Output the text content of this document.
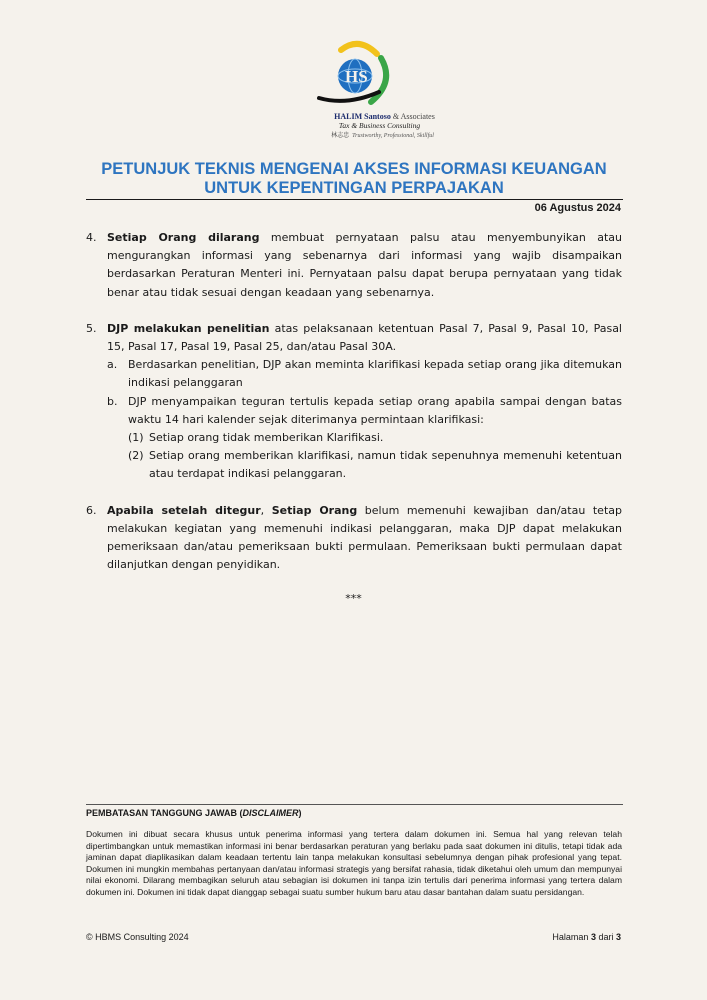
HS
HALIM Santoso & Associates
Tax & Business Consulting
林志忠 Trustworthy, Professional, Skillful
PETUNJUK TEKNIS MENGENAI AKSES INFORMASI KEUANGAN
UNTUK KEPENTINGAN PERPAJAKAN
06 Agustus 2024
4. Setiap Orang dilarang membuat pernyataan palsu atau menyembunyikan atau mengurangkan informasi yang sebenarnya dari informasi yang wajib disampaikan berdasarkan Peraturan Menteri ini. Pernyataan palsu dapat berupa pernyataan yang tidak benar atau tidak sesuai dengan keadaan yang sebenarnya.

5. DJP melakukan penelitian atas pelaksanaan ketentuan Pasal 7, Pasal 9, Pasal 10, Pasal 15, Pasal 17, Pasal 19, Pasal 25, dan/atau Pasal 30A.

a. Berdasarkan penelitian, DJP akan meminta klarifikasi kepada setiap orang jika ditemukan indikasi pelanggaran

b. DJP menyampaikan teguran tertulis kepada setiap orang apabila sampai dengan batas waktu 14 hari kalender sejak diterimanya permintaan klarifikasi:

(1) Setiap orang tidak memberikan Klarifikasi.

(2) Setiap orang memberikan klarifikasi, namun tidak sepenuhnya memenuhi ketentuan atau terdapat indikasi pelanggaran.

6. Apabila setelah ditegur, Setiap Orang belum memenuhi kewajiban dan/atau tetap melakukan kegiatan yang memenuhi indikasi pelanggaran, maka DJP dapat melakukan pemeriksaan dan/atau pemeriksaan bukti permulaan. Pemeriksaan bukti permulaan dapat dilanjutkan dengan penyidikan.

***
PEMBATASAN TANGGUNG JAWAB (DISCLAIMER)
Dokumen ini dibuat secara khusus untuk penerima informasi yang tertera dalam dokumen ini. Semua hal yang relevan telah dipertimbangkan untuk memastikan informasi ini benar berdasarkan peraturan yang berlaku pada saat dokumen ini ditulis, tetapi tidak ada jaminan dapat diaplikasikan dalam keadaan tertentu lain tanpa melakukan konsultasi sebelumnya dengan pihak profesional yang tepat. Dokumen ini mungkin membahas pertanyaan dan/atau informasi strategis yang bersifat rahasia, tidak diketahui oleh umum dan mempunyai nilai ekonomi. Dilarang membagikan seluruh atau sebagian isi dokumen ini tanpa izin tertulis dari penerima informasi yang tertera dalam dokumen ini. Dokumen ini tidak dapat dianggap sebagai suatu sumber hukum baru atau dasar bantahan dalam suatu persidangan.
© HBMS Consulting 2024	Halaman 3 dari 3
